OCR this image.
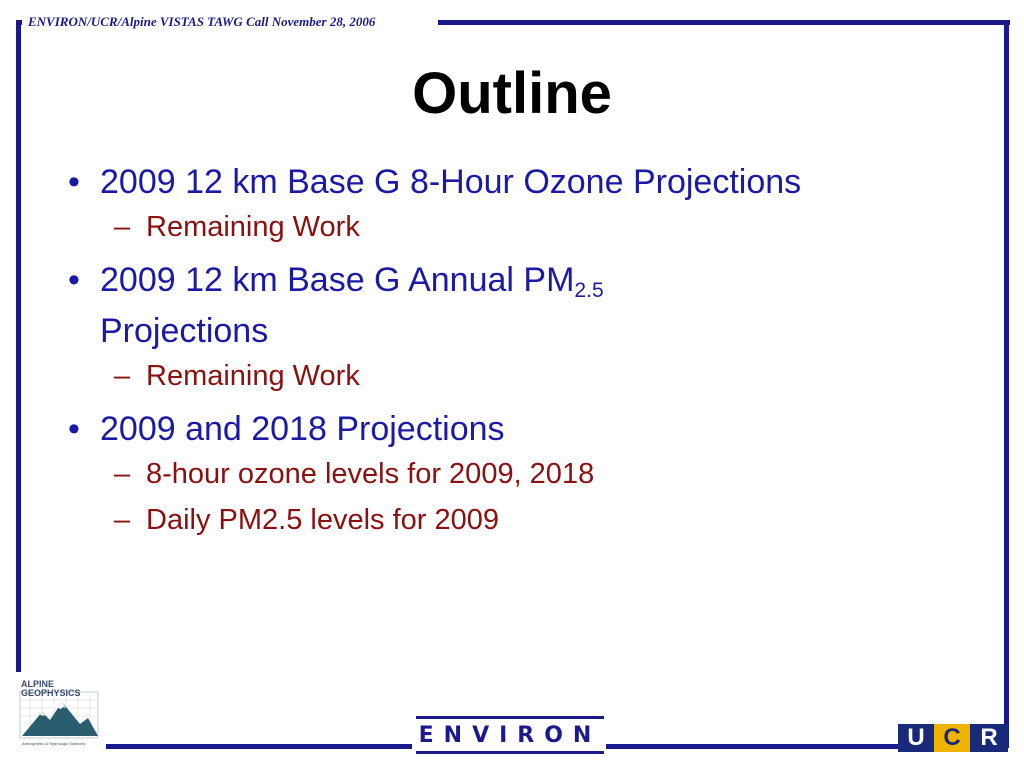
ENVIRON/UCR/Alpine VISTAS TAWG Call November 28, 2006
Outline
• 2009 12 km Base G 8-Hour Ozone Projections
– Remaining Work
• 2009 12 km Base G Annual $PM_{2.5}$
Projections
– Remaining Work
• 2009 and 2018 Projections
– 8-hour ozone levels for 2009, 2018
– Daily PM2.5 levels for 2009
ALPINE
GEOPHYSICS
Atmospheric & Hydrologic Sciences	ENVIRON	U C R
